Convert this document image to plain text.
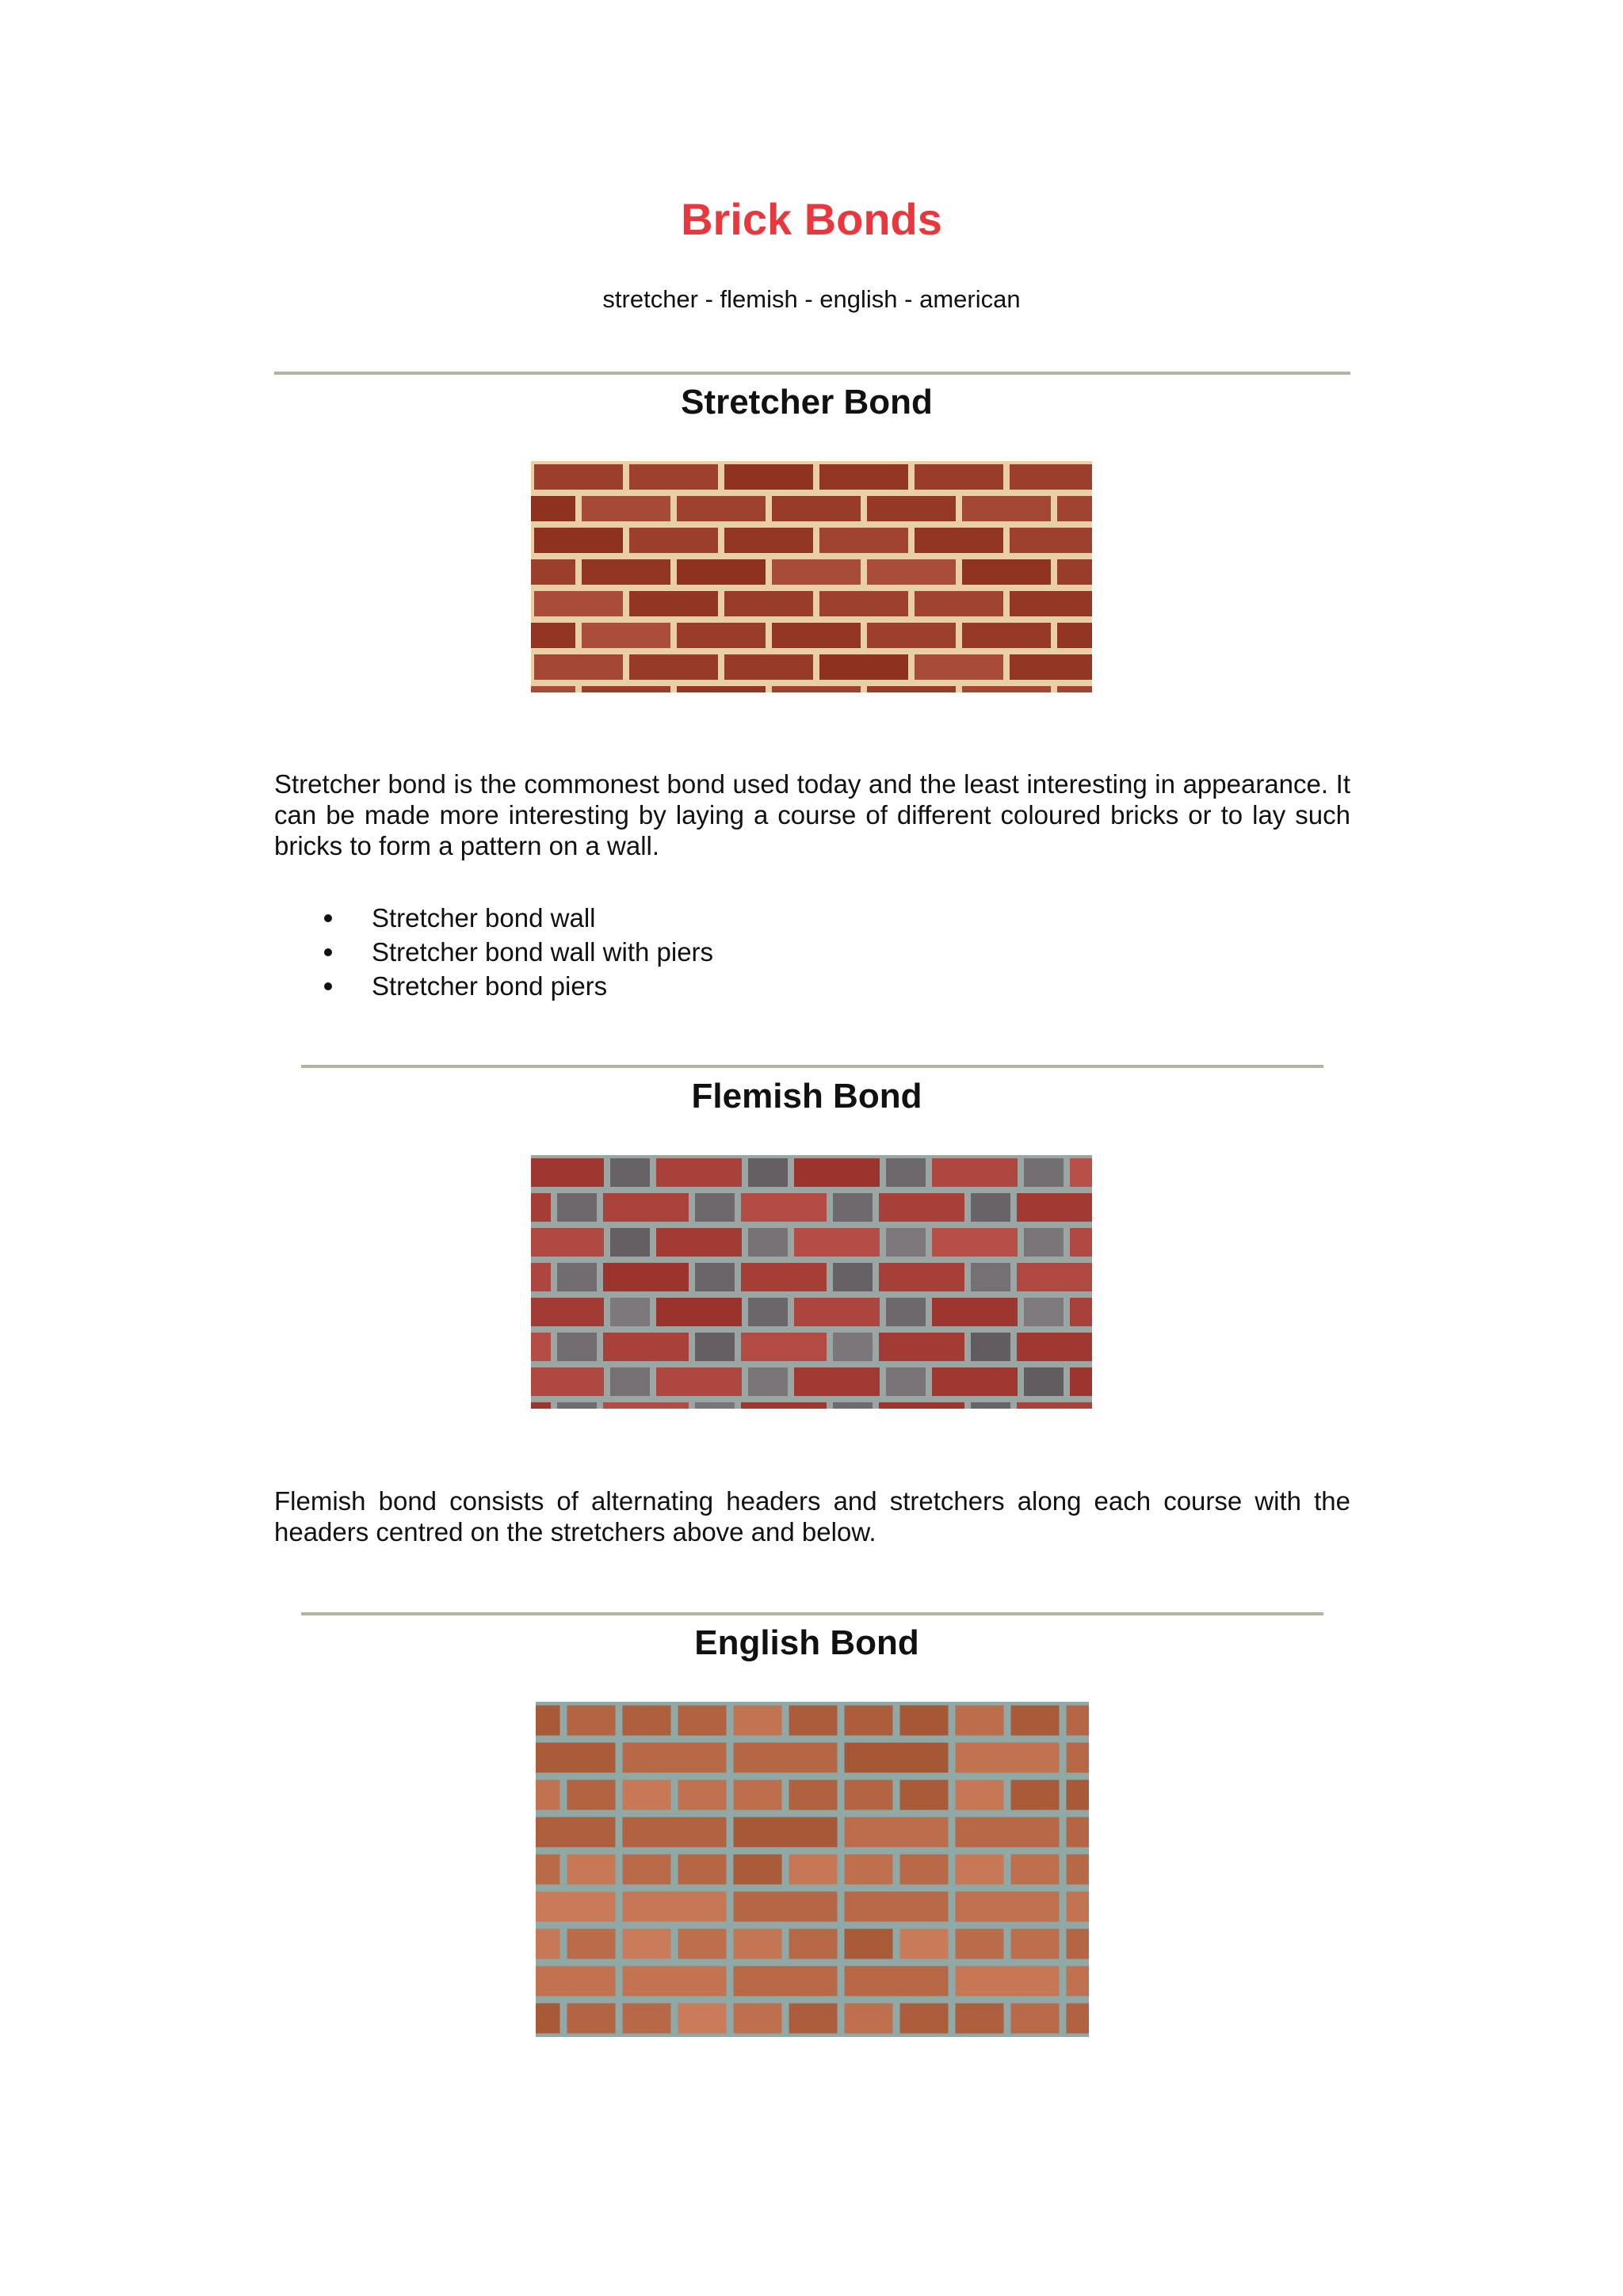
Brick Bonds
stretcher - flemish - english - american
Stretcher Bond
Stretcher bond is the commonest bond used today and the least interesting in appearance. It can be made more interesting by laying a course of different coloured bricks or to lay such bricks to form a pattern on a wall.
Stretcher bond wall
Stretcher bond wall with piers
Stretcher bond piers
Flemish Bond
Flemish bond consists of alternating headers and stretchers along each course with the headers centred on the stretchers above and below.
English Bond
